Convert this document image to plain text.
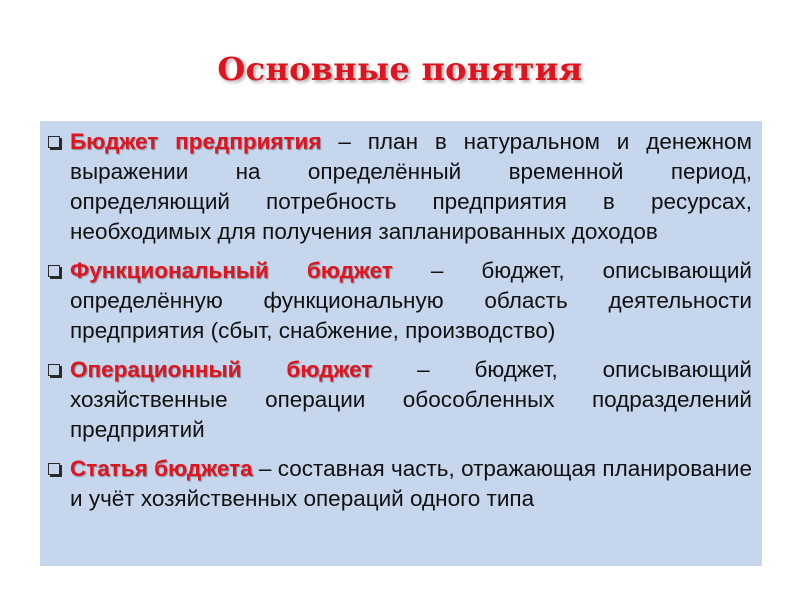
Основные понятия
Бюджет предприятия – план в натуральном и денежном выражении на определённый временной период, определяющий потребность предприятия в ресурсах, необходимых для получения запланированных доходов
Функциональный бюджет – бюджет, описывающий определённую функциональную область деятельности предприятия (сбыт, снабжение, производство)
Операционный бюджет – бюджет, описывающий хозяйственные операции обособленных подразделений предприятий
Статья бюджета – составная часть, отражающая планирование и учёт хозяйственных операций одного типа
